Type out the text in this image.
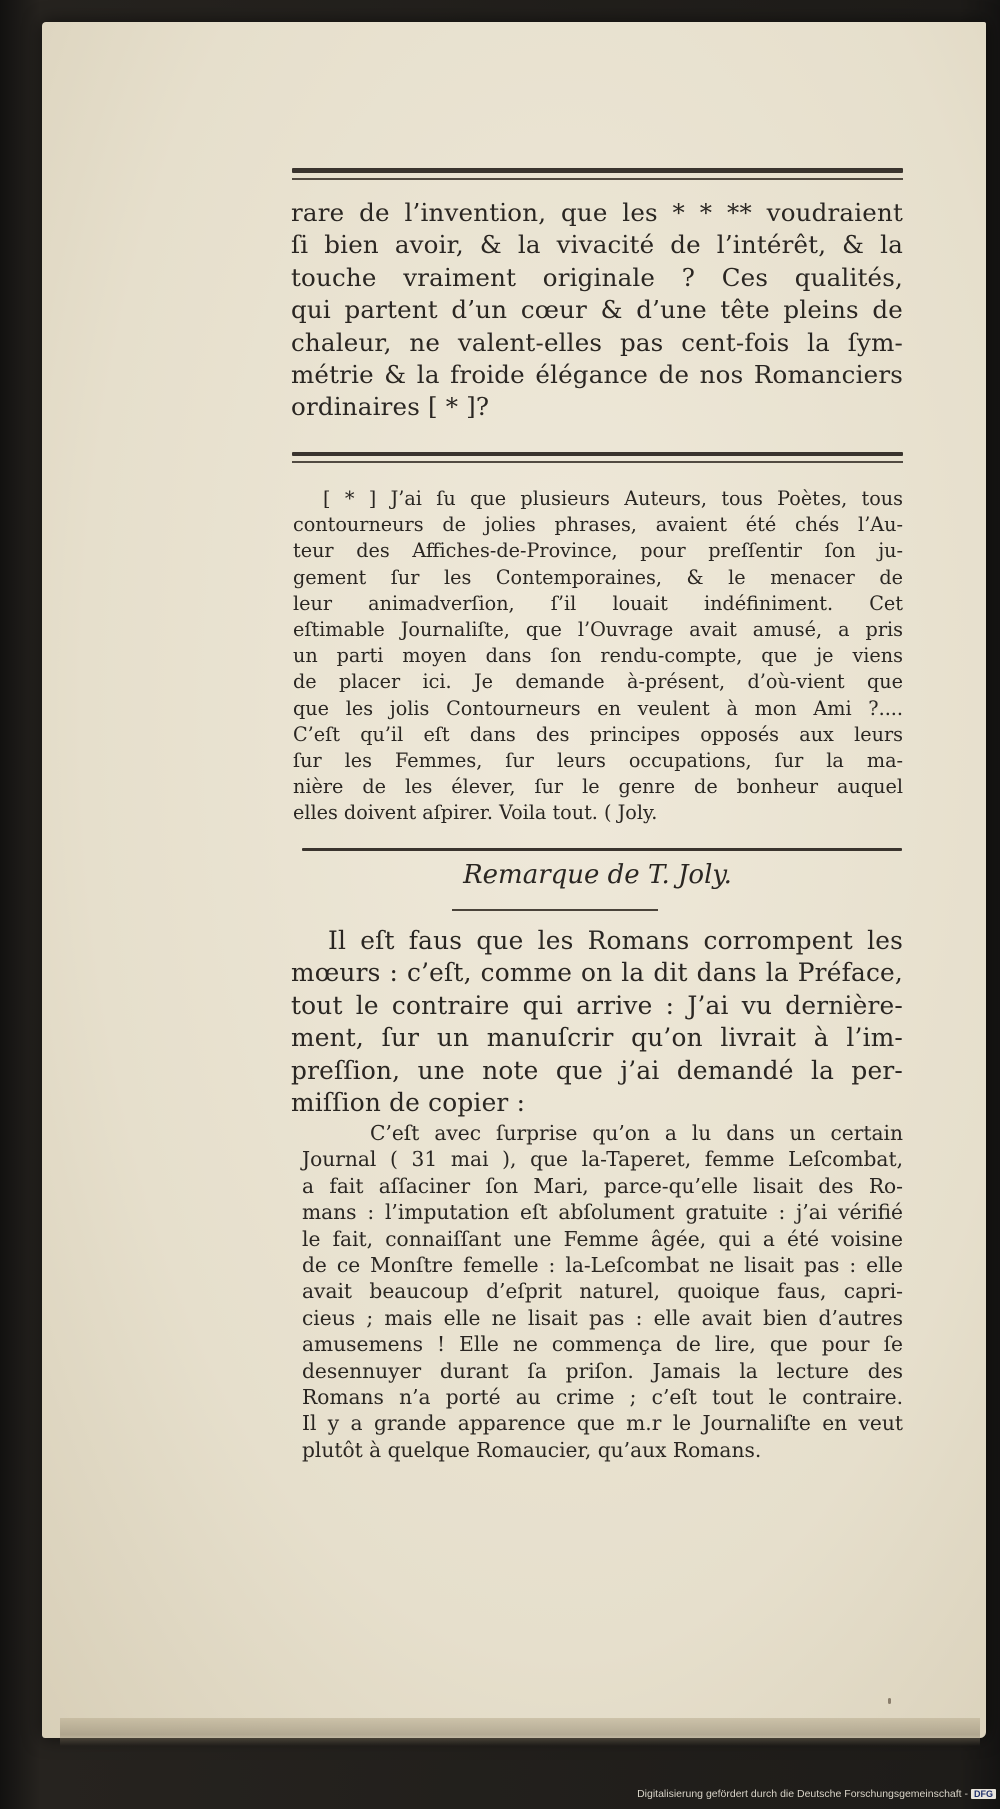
rare de l’invention, que les * * ** voudraient
ſi bien avoir, & la vivacité de l’intérêt, & la
touche vraiment originale ? Ces qualités,
qui partent d’un cœur & d’une tête pleins de
chaleur, ne valent-elles pas cent-fois la ſym-
métrie & la froide élégance de nos Romanciers
ordinaires [ * ]?
[ * ] J’ai ſu que plusieurs Auteurs, tous Poètes, tous
contourneurs de jolies phrases, avaient été chés l’Au-
teur des Affiches-de-Province, pour preſſentir ſon ju-
gement ſur les Contemporaines, & le menacer de
leur animadverſion, ſ’il louait indéfiniment. Cet
eſtimable Journaliſte, que l’Ouvrage avait amusé, a pris
un parti moyen dans ſon rendu-compte, que je viens
de placer ici. Je demande à-présent, d’où-vient que
que les jolis Contourneurs en veulent à mon Ami ?....
C’eſt qu’il eſt dans des principes opposés aux leurs
ſur les Femmes, ſur leurs occupations, ſur la ma-
nière de les élever, ſur le genre de bonheur auquel
elles doivent aſpirer. Voila tout. ( Joly.
Remarque de T. Joly.
Il eſt faus que les Romans corrompent les
mœurs : c’eſt, comme on la dit dans la Préface,
tout le contraire qui arrive : J’ai vu dernière-
ment, ſur un manuſcrir qu’on livrait à l’im-
preſſion, une note que j’ai demandé la per-
miſſion de copier :
C’eſt avec ſurprise qu’on a lu dans un certain
Journal ( 31 mai ), que la-Taperet, femme Leſcombat,
a fait aſſaciner ſon Mari, parce-qu’elle lisait des Ro-
mans : l’imputation eſt abſolument gratuite : j’ai vérifié
le fait, connaiſſant une Femme âgée, qui a été voisine
de ce Monſtre femelle : la-Leſcombat ne lisait pas : elle
avait beaucoup d’eſprit naturel, quoique faus, capri-
cieus ; mais elle ne lisait pas : elle avait bien d’autres
amusemens ! Elle ne commença de lire, que pour ſe
desennuyer durant ſa priſon. Jamais la lecture des
Romans n’a porté au crime ; c’eſt tout le contraire.
Il y a grande apparence que m.r le Journaliſte en veut
plutôt à quelque Romaucier, qu’aux Romans.
Digitalisierung gefördert durch die Deutsche Forschungsgemeinschaft - DFG
